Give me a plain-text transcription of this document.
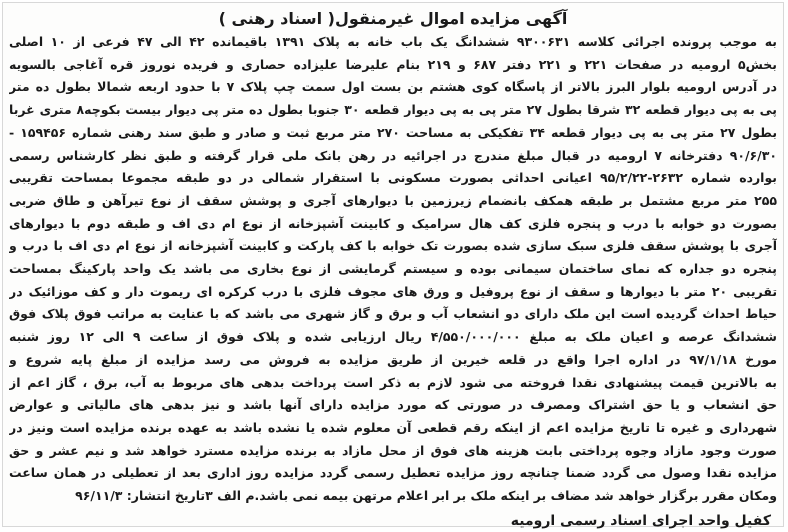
آگهی مزایده اموال غیرمنقول( اسناد رهنی )
به موجب پرونده اجرائی کلاسه ۹۳۰۰۶۳۱ ششدانگ یک باب خانه به پلاک ۱۳۹۱ باقیمانده ۴۲ الی ۴۷ فرعی از ۱۰ اصلی
بخش۵ ارومیه در صفحات ۲۲۱ و ۲۲۱ دفتر ۶۸۷ و ۲۱۹ بنام علیرضا علیزاده حصاری و فریده نوروز قره آغاجی بالسویه
در آدرس ارومیه بلوار البرز بالاتر از پاسگاه کوی هشتم بن بست اول سمت چپ پلاک ۷ با حدود اربعه شمالا بطول ده متر
پی به پی دیوار قطعه ۳۲ شرقا بطول ۲۷ متر پی به پی دیوار قطعه ۳۰ جنوبا بطول ده متر پی دیوار بیست بکوچه۸ متری غربا
بطول ۲۷ متر پی به پی دیوار قطعه ۳۴ تفکیکی به مساحت ۲۷۰ متر مربع ثبت و صادر و طبق سند رهنی شماره ۱۵۹۴۵۶ -
۹۰/۶/۳۰ دفترخانه ۷ ارومیه در قبال مبلغ مندرج در اجرائیه در رهن بانک ملی قرار گرفته و طبق نظر کارشناس رسمی
بوارده شماره ۲۶۳۲-۹۵/۲/۲۲ اعیانی احداثی بصورت مسکونی با استقرار شمالی در دو طبقه مجموعا بمساحت تقریبی
۲۵۵ متر مربع مشتمل بر طبقه همکف بانضمام زیرزمین با دیوارهای آجری و پوشش سقف از نوع تیرآهن و طاق ضربی
بصورت دو خوابه با درب و پنجره فلزی کف هال سرامیک و کابینت آشپزخانه از نوع ام دی اف و طبقه دوم با دیوارهای
آجری با پوشش سقف فلزی سبک سازی شده بصورت تک خوابه با کف پارکت و کابینت آشپزخانه از نوع ام دی اف با درب و
پنجره دو جداره که نمای ساختمان سیمانی بوده و سیستم گرمایشی از نوع بخاری می باشد یک واحد پارکینگ بمساحت
تقریبی ۲۰ متر با دیوارها و سقف از نوع پروفیل و ورق های مجوف فلزی با درب کرکره ای ریموت دار و کف موزائیک در
حیاط احداث گردیده است این ملک دارای دو انشعاب آب و برق و گاز شهری می باشد که با عنایت به مراتب فوق پلاک فوق
ششدانگ عرصه و اعیان ملک به مبلغ ۴/۵۵۰/۰۰۰/۰۰۰ ریال ارزیابی شده و پلاک فوق از ساعت ۹ الی ۱۲ روز شنبه
مورخ ۹۷/۱/۱۸ در اداره اجرا واقع در قلعه خیرین از طریق مزایده به فروش می رسد مزایده از مبلغ پایه شروع و
به بالاترین قیمت پیشنهادی نقدا فروخته می شود لازم به ذکر است پرداخت بدهی های مربوط به آب، برق ، گاز اعم از
حق انشعاب و یا حق اشتراک ومصرف در صورتی که مورد مزایده دارای آنها باشد و نیز بدهی های مالیاتی و عوارض
شهرداری و غیره تا تاریخ مزایده اعم از اینکه رقم قطعی آن معلوم شده یا نشده باشد به عهده برنده مزایده است ونیز در
صورت وجود مازاد وجوه پرداختی بابت هزینه های فوق از محل مازاد به برنده مزایده مسترد خواهد شد و نیم عشر و حق
مزایده نقدا وصول می گردد ضمنا چنانچه روز مزایده تعطیل رسمی گردد مزایده روز اداری بعد از تعطیلی در همان ساعت
ومکان مقرر برگزار خواهد شد مضاف بر اینکه ملک بر ابر اعلام مرتهن بیمه نمی باشد.م الف ۳تاریخ انتشار: ۹۶/۱۱/۳
کفیل واحد اجرای اسناد رسمی ارومیه
